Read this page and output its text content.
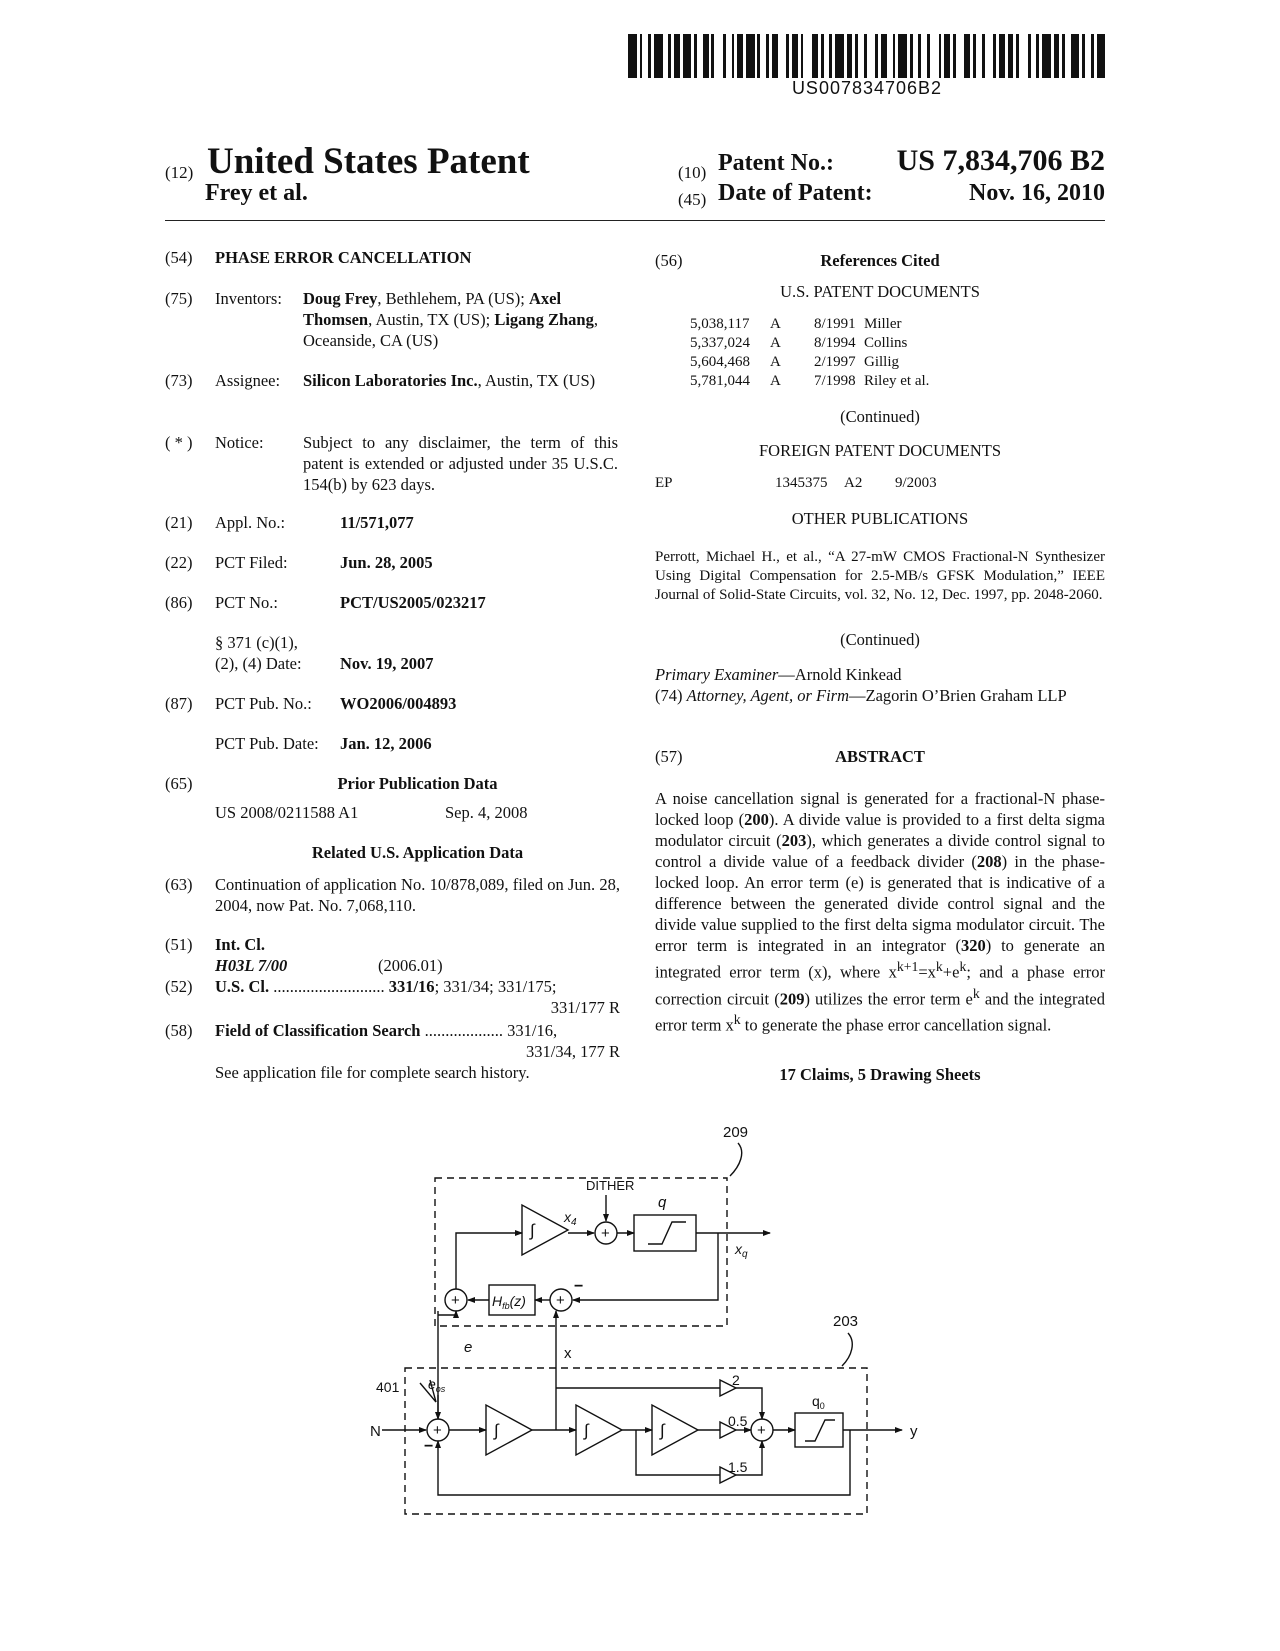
US007834706B2
(12) United States Patent
Frey et al.
(10) Patent No.:	US 7,834,706 B2
(45) Date of Patent:	Nov. 16, 2010
(54) PHASE ERROR CANCELLATION
(75) Inventors: Doug Frey, Bethlehem, PA (US); Axel Thomsen, Austin, TX (US); Ligang Zhang, Oceanside, CA (US)
(73) Assignee: Silicon Laboratories Inc., Austin, TX (US)
( * ) Notice: Subject to any disclaimer, the term of this patent is extended or adjusted under 35 U.S.C. 154(b) by 623 days.
(21) Appl. No.:	11/571,077
(22) PCT Filed:	Jun. 28, 2005
(86) PCT No.:	PCT/US2005/023217
§ 371 (c)(1),
(2), (4) Date: Nov. 19, 2007
(87) PCT Pub. No.: WO2006/004893
PCT Pub. Date: Jan. 12, 2006
(65)	Prior Publication Data
US 2008/0211588 A1	Sep. 4, 2008
Related U.S. Application Data
(63) Continuation of application No. 10/878,089, filed on Jun. 28, 2004, now Pat. No. 7,068,110.
(51) Int. Cl.
H03L 7/00	(2006.01)
(52) U.S. Cl. ........................... 331/16; 331/34; 331/175;
331/177 R
(58) Field of Classification Search ................... 331/16,
331/34, 177 R
See application file for complete search history.
(56)	References Cited
U.S. PATENT DOCUMENTS
5,038,117	A	8/1991 Miller
5,337,024	A	8/1994 Collins
5,604,468	A	2/1997 Gillig
5,781,044	A	7/1998 Riley et al.
(Continued)
FOREIGN PATENT DOCUMENTS
EP	1345375 A2 9/2003
OTHER PUBLICATIONS
Perrott, Michael H., et al., “A 27-mW CMOS Fractional-N Synthesizer Using Digital Compensation for 2.5-MB/s GFSK Modulation,” IEEE Journal of Solid-State Circuits, vol. 32, No. 12, Dec. 1997, pp. 2048-2060.
(Continued)
Primary Examiner—Arnold Kinkead
(74) Attorney, Agent, or Firm—Zagorin O’Brien Graham LLP
(57)	ABSTRACT
A noise cancellation signal is generated for a fractional-N phase-locked loop (200). A divide value is provided to a first delta sigma modulator circuit (203), which generates a divide control signal to control a divide value of a feedback divider (208) in the phase-locked loop. An error term (e) is generated that is indicative of a difference between the generated divide control signal and the divide value supplied to the first delta sigma modulator circuit. The error term is integrated in an integrator (320) to generate an integrated error term (x), where $x^{k+1}=x^k+e^k$; and a phase error correction circuit (209) utilizes the error term $e^k$ and the integrated error term $x^k$ to generate the phase error cancellation signal.
17 Claims, 5 Drawing Sheets
209
203
DITHER
q
$x_4$
$x_q$
$H_{fb}(z)$
e	x
$e_{os}$
401
N
2
0.5
1.5
$q_0$
y
+
+
+
+	+
−
−
∫
∫	∫	∫
